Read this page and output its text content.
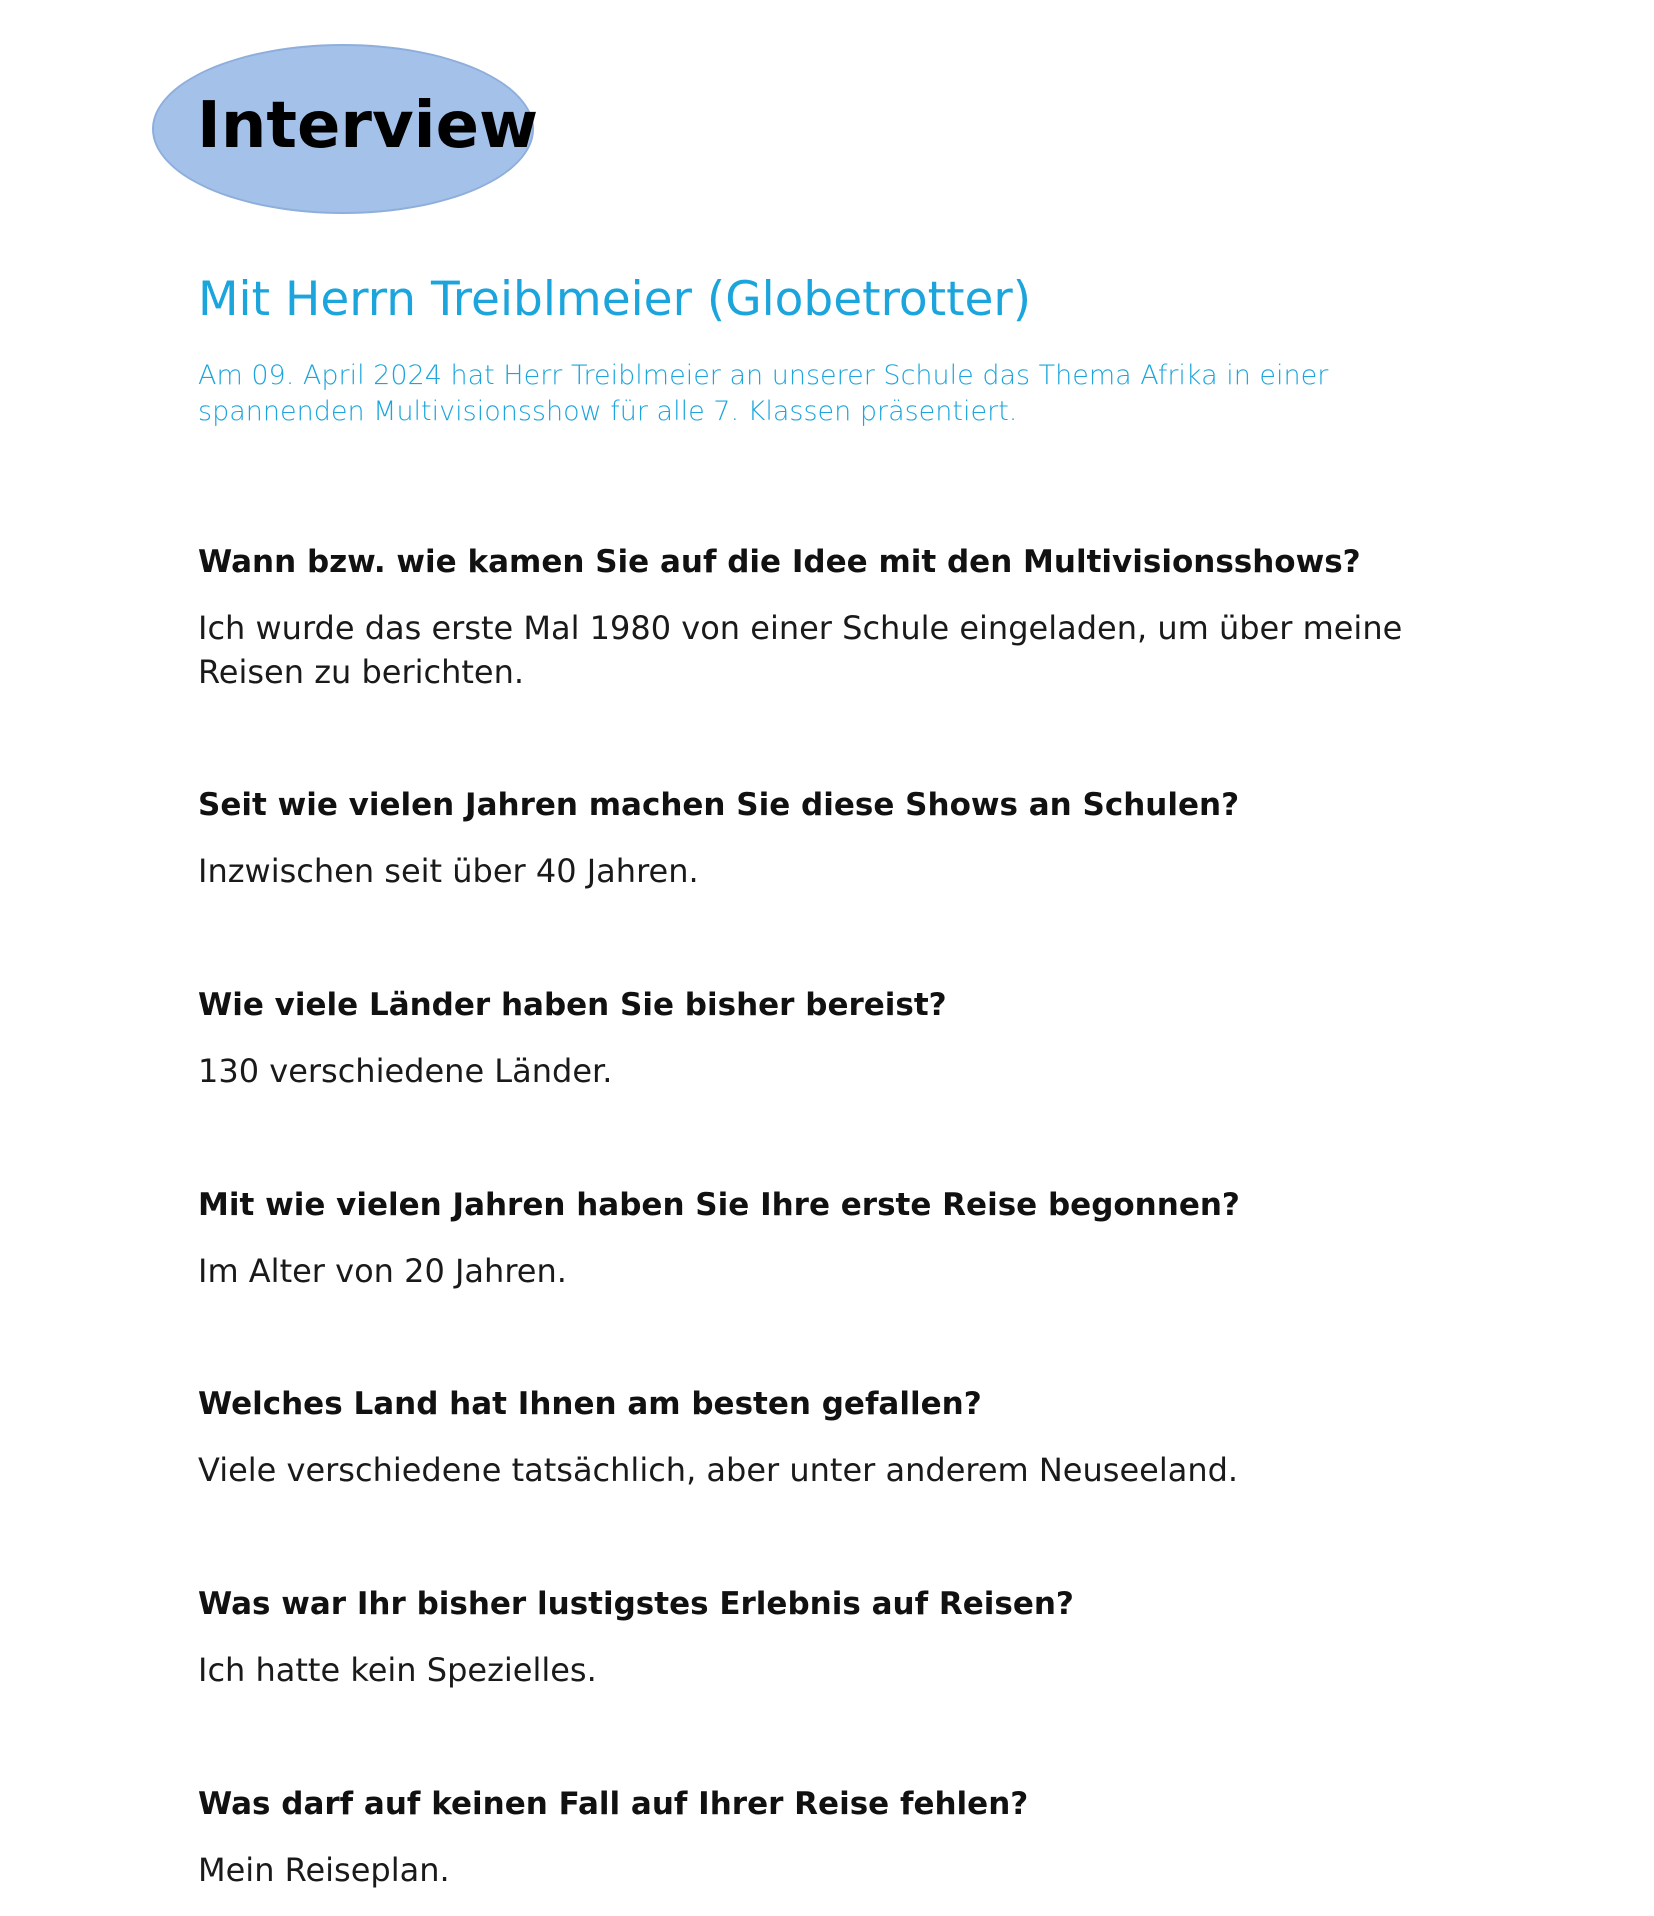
Interview
Mit Herrn Treiblmeier (Globetrotter)
Am 09. April 2024 hat Herr Treiblmeier an unserer Schule das Thema Afrika in einer spannenden Multivisionsshow für alle 7. Klassen präsentiert.

Wann bzw. wie kamen Sie auf die Idee mit den Multivisionsshows?

Ich wurde das erste Mal 1980 von einer Schule eingeladen, um über meine Reisen zu berichten.

Seit wie vielen Jahren machen Sie diese Shows an Schulen?

Inzwischen seit über 40 Jahren.

Wie viele Länder haben Sie bisher bereist?

130 verschiedene Länder.

Mit wie vielen Jahren haben Sie Ihre erste Reise begonnen?

Im Alter von 20 Jahren.

Welches Land hat Ihnen am besten gefallen?

Viele verschiedene tatsächlich, aber unter anderem Neuseeland.

Was war Ihr bisher lustigstes Erlebnis auf Reisen?

Ich hatte kein Spezielles.

Was darf auf keinen Fall auf Ihrer Reise fehlen?

Mein Reiseplan.
